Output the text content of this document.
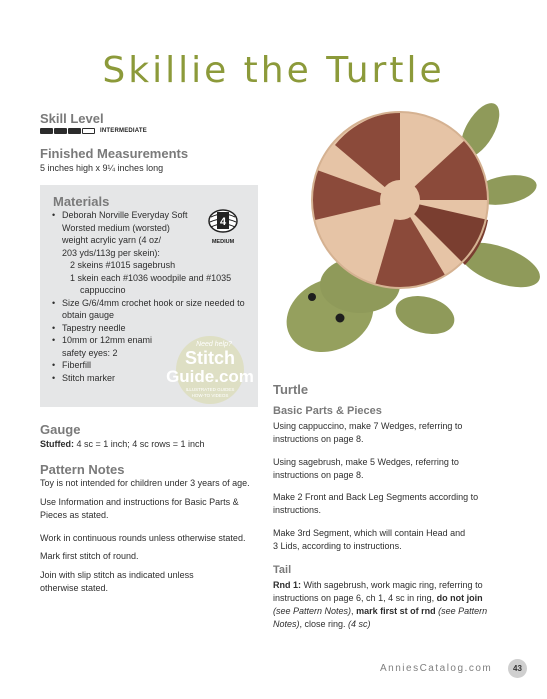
Skillie the Turtle
Skill Level
INTERMEDIATE
Finished Measurements
5 inches high x 9¼ inches long
Materials
• Deborah Norville Everyday Soft
Worsted medium (worsted)
weight acrylic yarn (4 oz/
203 yds/113g per skein):
2 skeins #1015 sagebrush
1 skein each #1036 woodpile and #1035
cappuccino
• Size G/6/4mm crochet hook or size needed to
obtain gauge
• Tapestry needle
• 10mm or 12mm enami
safety eyes: 2
• Fiberfill
• Stitch marker
4
MEDIUM
Need help?
Stitch
Guide.com
ILLUSTRATED GUIDES
HOW-TO VIDEOS
Gauge
Stuffed: 4 sc = 1 inch; 4 sc rows = 1 inch
Pattern Notes
Toy is not intended for children under 3 years of age.
Use Information and instructions for Basic Parts &
Pieces as stated.
Work in continuous rounds unless otherwise stated.
Mark first stitch of round.
Join with slip stitch as indicated unless
otherwise stated.
Turtle
Basic Parts & Pieces
Using cappuccino, make 7 Wedges, referring to
instructions on page 8.
Using sagebrush, make 5 Wedges, referring to
instructions on page 8.
Make 2 Front and Back Leg Segments according to
instructions.
Make 3rd Segment, which will contain Head and
3 Lids, according to instructions.
Tail
Rnd 1: With sagebrush, work magic ring, referring to
instructions on page 6, ch 1, 4 sc in ring, do not join
(see Pattern Notes), mark first st of rnd (see Pattern
Notes), close ring. (4 sc)
AnniesCatalog.com	43
